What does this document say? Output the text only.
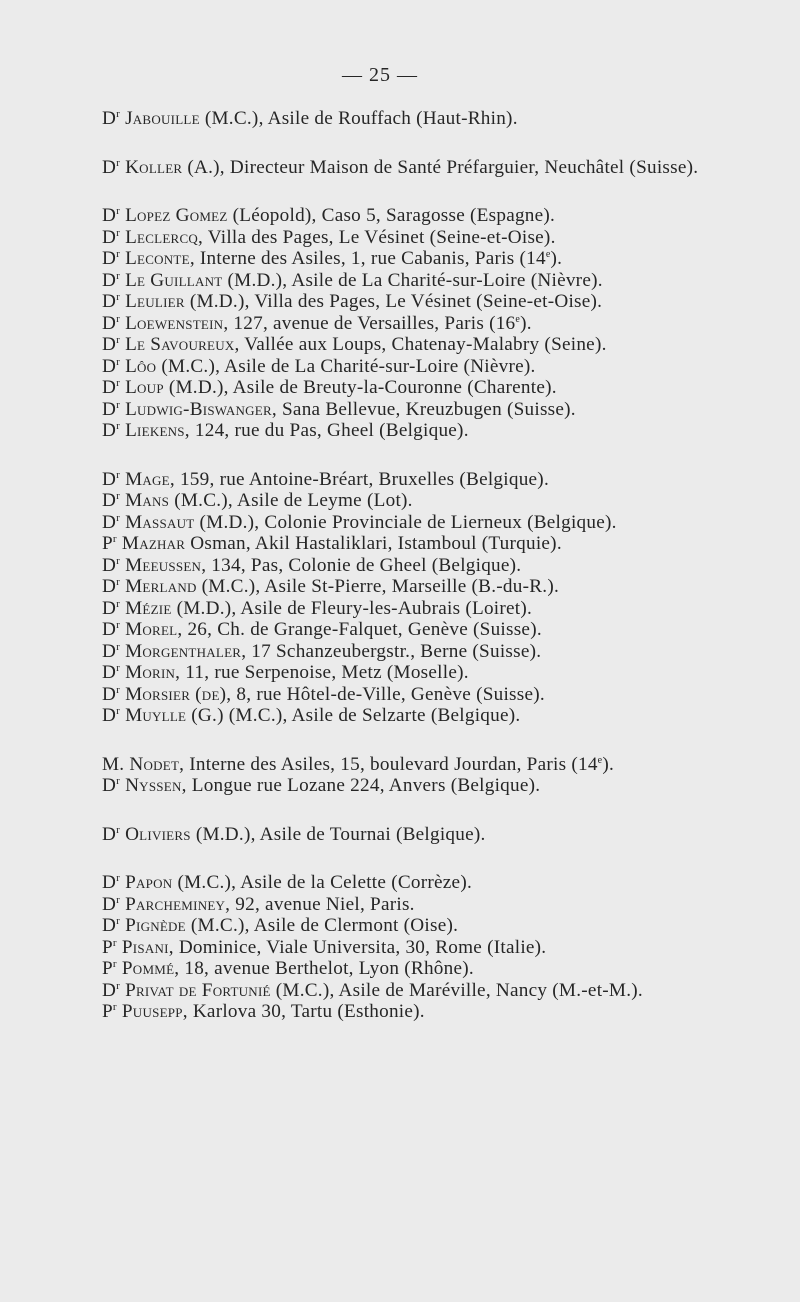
— 25 —
$D^r$ Jabouille (M.C.), Asile de Rouffach (Haut-Rhin).
$D^r$ Koller (A.), Directeur Maison de Santé Préfarguier, Neuchâtel (Suisse).
$D^r$ Lopez Gomez (Léopold), Caso 5, Saragosse (Espagne).
$D^r$ Leclercq, Villa des Pages, Le Vésinet (Seine-et-Oise).
$D^r$ Leconte, Interne des Asiles, 1, rue Cabanis, Paris (14e).
$D^r$ Le Guillant (M.D.), Asile de La Charité-sur-Loire (Nièvre).
$D^r$ Leulier (M.D.), Villa des Pages, Le Vésinet (Seine-et-Oise).
$D^r$ Loewenstein, 127, avenue de Versailles, Paris (16e).
$D^r$ Le Savoureux, Vallée aux Loups, Chatenay-Malabry (Seine).
$D^r$ Lôo (M.C.), Asile de La Charité-sur-Loire (Nièvre).
$D^r$ Loup (M.D.), Asile de Breuty-la-Couronne (Charente).
$D^r$ Ludwig-Biswanger, Sana Bellevue, Kreuzbugen (Suisse).
$D^r$ Liekens, 124, rue du Pas, Gheel (Belgique).
$D^r$ Mage, 159, rue Antoine-Bréart, Bruxelles (Belgique).
$D^r$ Mans (M.C.), Asile de Leyme (Lot).
$D^r$ Massaut (M.D.), Colonie Provinciale de Lierneux (Belgique).
$P^r$ Mazhar Osman, Akil Hastaliklari, Istamboul (Turquie).
$D^r$ Meeussen, 134, Pas, Colonie de Gheel (Belgique).
$D^r$ Merland (M.C.), Asile St-Pierre, Marseille (B.-du-R.).
$D^r$ Mézie (M.D.), Asile de Fleury-les-Aubrais (Loiret).
$D^r$ Morel, 26, Ch. de Grange-Falquet, Genève (Suisse).
$D^r$ Morgenthaler, 17 Schanzeubergstr., Berne (Suisse).
$D^r$ Morin, 11, rue Serpenoise, Metz (Moselle).
$D^r$ Morsier (de), 8, rue Hôtel-de-Ville, Genève (Suisse).
$D^r$ Muylle (G.) (M.C.), Asile de Selzarte (Belgique).
M. Nodet, Interne des Asiles, 15, boulevard Jourdan, Paris (14e).
$D^r$ Nyssen, Longue rue Lozane 224, Anvers (Belgique).
$D^r$ Oliviers (M.D.), Asile de Tournai (Belgique).
$D^r$ Papon (M.C.), Asile de la Celette (Corrèze).
$D^r$ Parcheminey, 92, avenue Niel, Paris.
$D^r$ Pignède (M.C.), Asile de Clermont (Oise).
$P^r$ Pisani, Dominice, Viale Universita, 30, Rome (Italie).
$P^r$ Pommé, 18, avenue Berthelot, Lyon (Rhône).
$D^r$ Privat de Fortunié (M.C.), Asile de Maréville, Nancy (M.-et-M.).
$P^r$ Puusepp, Karlova 30, Tartu (Esthonie).
